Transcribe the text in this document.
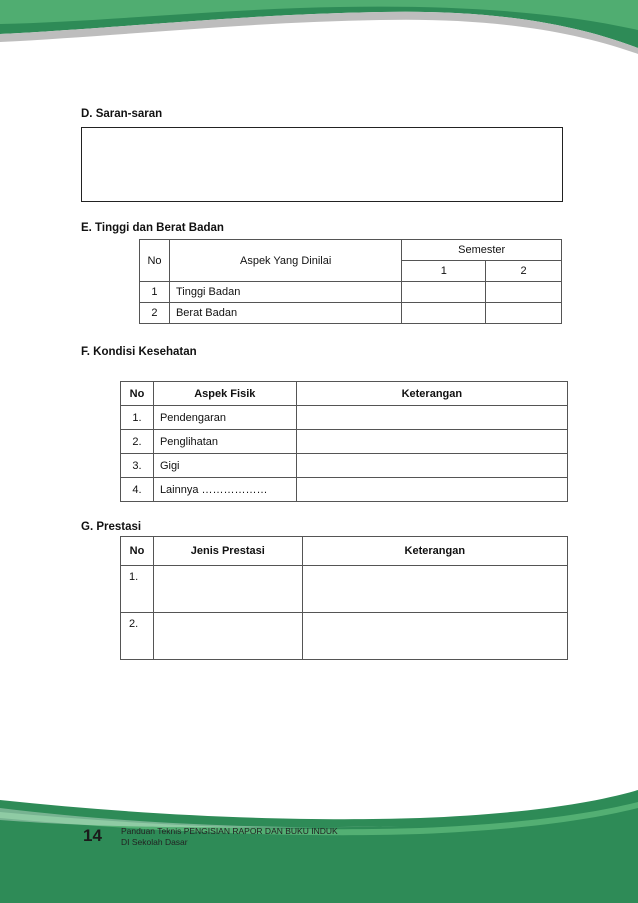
D. Saran-saran
E. Tinggi dan Berat Badan
No	Aspek Yang Dinilai	Semester	
		1	2
1	Tinggi Badan		
2	Berat Badan		
F. Kondisi Kesehatan
No	Aspek Fisik	Keterangan
1.	Pendengaran	
2.	Penglihatan	
3.	Gigi	
4.	Lainnya ………………	
G. Prestasi
No	Jenis Prestasi	Keterangan
1.		
2.		
14 Panduan Teknis PENGISIAN RAPOR DAN BUKU INDUK
DI Sekolah Dasar
